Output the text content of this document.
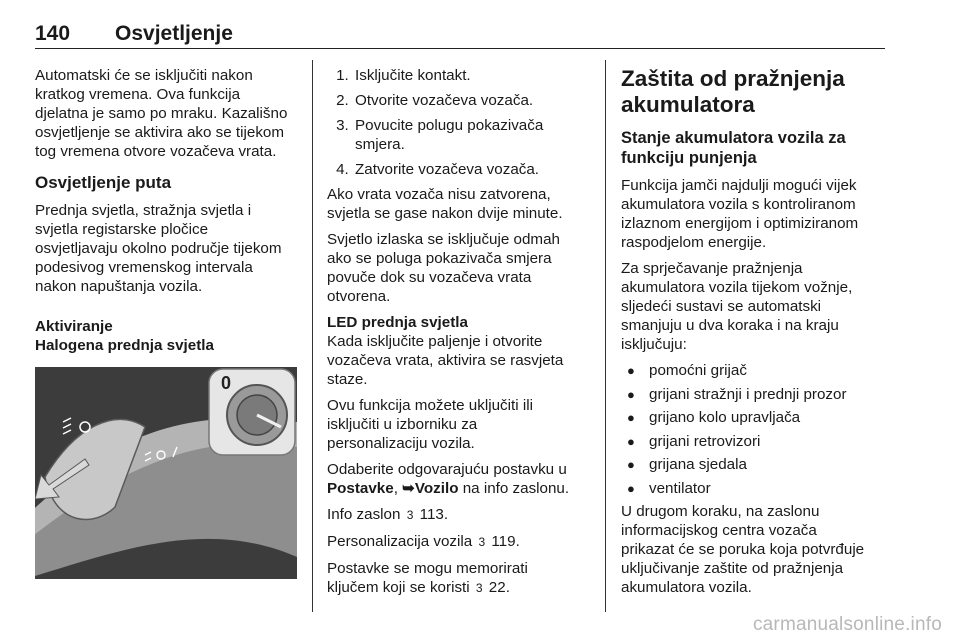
140 Osvjetljenje

Automatski će se isključiti nakon
kratkog vremena. Ova funkcija
djelatna je samo po mraku. Kazališno
osvjetljenje se aktivira ako se tijekom
tog vremena otvore vozačeva vrata.

Osvjetljenje puta

Prednja svjetla, stražnja svjetla i
svjetla registarske pločice
osvjetljavaju okolno područje tijekom
podesivog vremenskog intervala
nakon napuštanja vozila.

Aktiviranje

Halogena prednja svjetla

0
1. Isključite kontakt.
2. Otvorite vozačeva vozača.
3. Povucite polugu pokazivača smjera.
4. Zatvorite vozačeva vozača.

Ako vrata vozača nisu zatvorena,
svjetla se gase nakon dvije minute.

Svjetlo izlaska se isključuje odmah
ako se poluga pokazivača smjera
povuče dok su vozačeva vrata
otvorena.

LED prednja svjetla

Kada isključite paljenje i otvorite
vozačeva vrata, aktivira se rasvjeta
staze.

Ovu funkcija možete uključiti ili
isključiti u izborniku za
personalizaciju vozila.

Odaberite odgovarajuću postavku u
Postavke, ➥Vozilo na info zaslonu.

Info zaslon 3 113.

Personalizacija vozila 3 119.

Postavke se mogu memorirati
ključem koji se koristi 3 22.

Zaštita od pražnjenja akumulatora
Stanje akumulatora vozila za funkciju punjenja

Funkcija jamči najdulji mogući vijek
akumulatora vozila s kontroliranom
izlaznom energijom i optimiziranom
raspodjelom energije.

Za sprječavanje pražnjenja
akumulatora vozila tijekom vožnje,
sljedeći sustavi se automatski
smanjuju u dva koraka i na kraju
isključuju:

● pomoćni grijač
● grijani stražnji i prednji prozor
● grijano kolo upravljača
● grijani retrovizori
● grijana sjedala
● ventilator

U drugom koraku, na zaslonu
informacijskog centra vozača
prikazat će se poruka koja potvrđuje
uključivanje zaštite od pražnjenja
akumulatora vozila.

carmanualsonline.info
